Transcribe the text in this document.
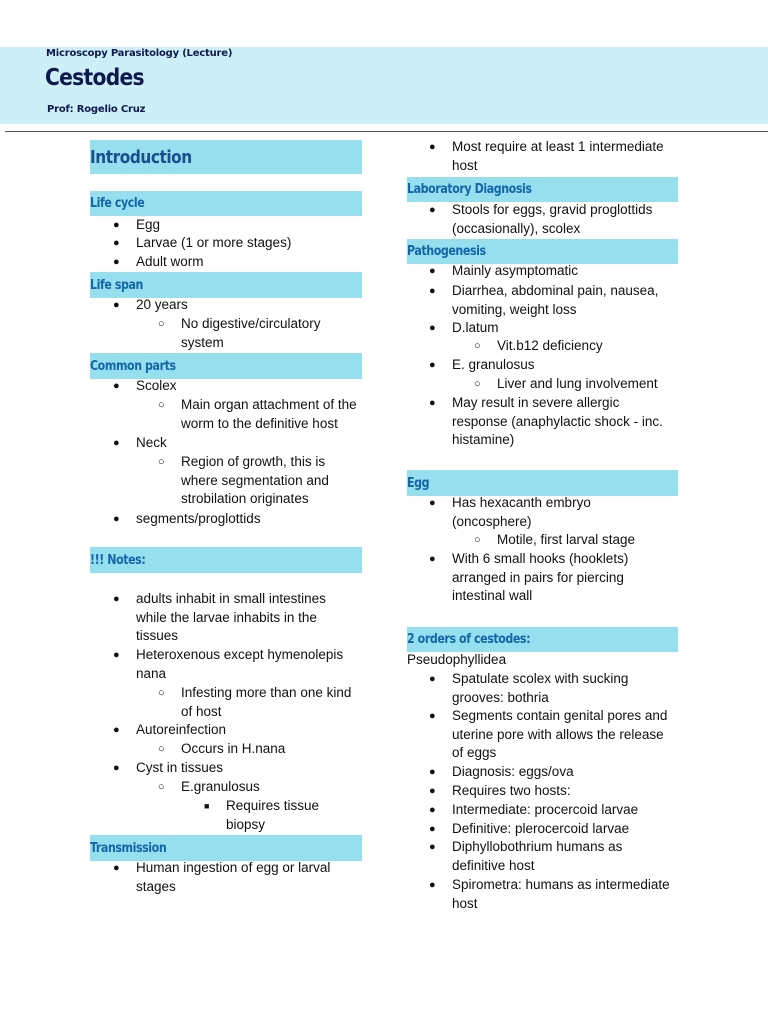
Microscopy Parasitology (Lecture)
Cestodes
Prof: Rogelio Cruz
Introduction
Life cycle
● Egg
● Larvae (1 or more stages)
● Adult worm
Life span
● 20 years
○ No digestive/circulatory system
Common parts
● Scolex
○ Main organ attachment of the worm to the definitive host
● Neck
○ Region of growth, this is where segmentation and strobilation originates
● segments/proglottids
!!! Notes:
● adults inhabit in small intestines while the larvae inhabits in the tissues
● Heteroxenous except hymenolepis nana
○ Infesting more than one kind of host
● Autoreinfection
○ Occurs in H.nana
● Cyst in tissues
○ E.granulosus
■ Requires tissue biopsy
Transmission
● Human ingestion of egg or larval stages
● Most require at least 1 intermediate host
Laboratory Diagnosis
● Stools for eggs, gravid proglottids (occasionally), scolex
Pathogenesis
● Mainly asymptomatic
● Diarrhea, abdominal pain, nausea, vomiting, weight loss
● D.latum
○ Vit.b12 deficiency
● E. granulosus
○ Liver and lung involvement
● May result in severe allergic response (anaphylactic shock - inc. histamine)
Egg
● Has hexacanth embryo (oncosphere)
○ Motile, first larval stage
● With 6 small hooks (hooklets) arranged in pairs for piercing intestinal wall
2 orders of cestodes:
Pseudophyllidea
● Spatulate scolex with sucking grooves: bothria
● Segments contain genital pores and uterine pore with allows the release of eggs
● Diagnosis: eggs/ova
● Requires two hosts:
● Intermediate: procercoid larvae
● Definitive: plerocercoid larvae
● Diphyllobothrium humans as definitive host
● Spirometra: humans as intermediate host
